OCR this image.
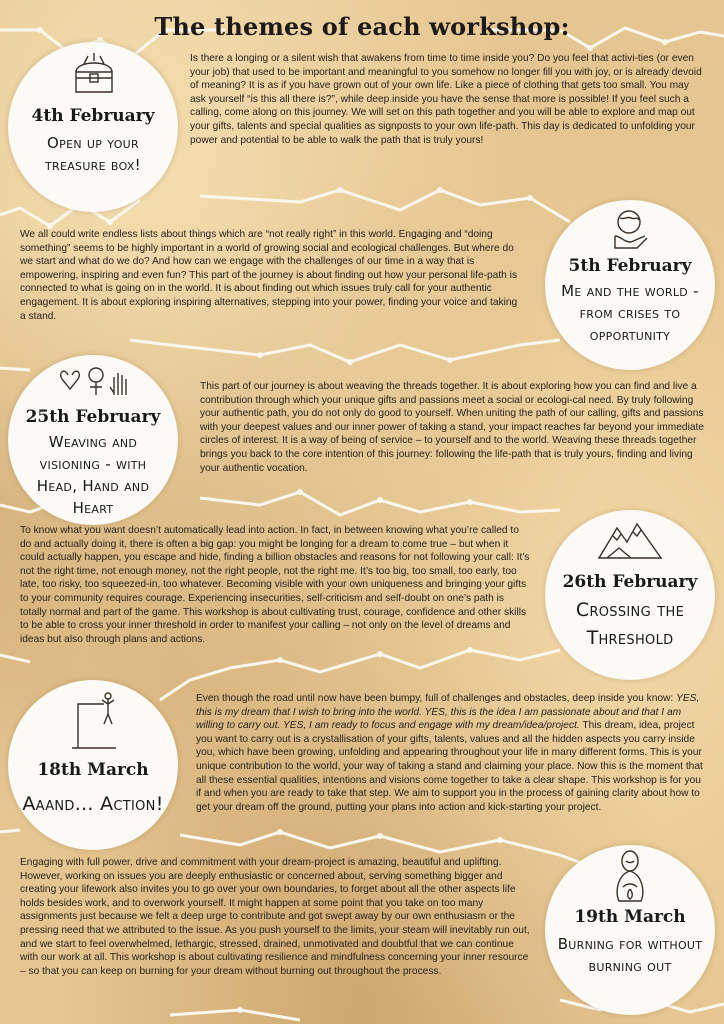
The themes of each workshop:
4th February
Open up your treasure box!
Is there a longing or a silent wish that awakens from time to time inside you? Do you feel that activi-ties (or even your job) that used to be important and meaningful to you somehow no longer fill you with joy, or is already devoid of meaning? It is as if you have grown out of your own life. Like a piece of clothing that gets too small. You may ask yourself “is this all there is?”, while deep inside you have the sense that more is possible! If you feel such a calling, come along on this journey. We will set on this path together and you will be able to explore and map out your gifts, talents and special qualities as signposts to your own life-path. This day is dedicated to unfolding your power and potential to be able to walk the path that is truly yours!
5th February
Me and the world - from crises to opportunity
We all could write endless lists about things which are “not really right” in this world. Engaging and “doing something” seems to be highly important in a world of growing social and ecological challenges. But where do we start and what do we do? And how can we engage with the challenges of our time in a way that is empowering, inspiring and even fun? This part of the journey is about finding out how your personal life-path is connected to what is going on in the world. It is about finding out which issues truly call for your authentic engagement. It is about exploring inspiring alternatives, stepping into your power, finding your voice and taking a stand.
25th February
Weaving and visioning - with Head, Hand and Heart
This part of our journey is about weaving the threads together. It is about exploring how you can find and live a contribution through which your unique gifts and passions meet a social or ecologi-cal need. By truly following your authentic path, you do not only do good to yourself. When uniting the path of our calling, gifts and passions with your deepest values and our inner power of taking a stand, your impact reaches far beyond your immediate circles of interest. It is a way of being of service – to yourself and to the world. Weaving these threads together brings you back to the core intention of this journey: following the life-path that is truly yours, finding and living your authentic vocation.
26th February
Crossing the Threshold
To know what you want doesn’t automatically lead into action. In fact, in between knowing what you’re called to do and actually doing it, there is often a big gap: you might be longing for a dream to come true – but when it could actually happen, you escape and hide, finding a billion obstacles and reasons for not following your call: It’s not the right time, not enough money, not the right people, not the right me. It’s too big, too small, too early, too late, too risky, too squeezed-in, too whatever. Becoming visible with your own uniqueness and bringing your gifts to your community requires courage. Experiencing insecurities, self-criticism and self-doubt on one’s path is totally normal and part of the game. This workshop is about cultivating trust, courage, confidence and other skills to be able to cross your inner threshold in order to manifest your calling – not only on the level of dreams and ideas but also through plans and actions.
18th March
Aaand... Action!
Even though the road until now have been bumpy, full of challenges and obstacles, deep inside you know: YES, this is my dream that I wish to bring into the world. YES, this is the idea I am passionate about and that I am willing to carry out. YES, I am ready to focus and engage with my dream/idea/project. This dream, idea, project you want to carry out is a crystallisation of your gifts, talents, values and all the hidden aspects you carry inside you, which have been growing, unfolding and appearing throughout your life in many different forms. This is your unique contribution to the world, your way of taking a stand and claiming your place. Now this is the moment that all these essential qualities, intentions and visions come together to take a clear shape. This workshop is for you if and when you are ready to take that step. We aim to support you in the process of gaining clarity about how to get your dream off the ground, putting your plans into action and kick-starting your project.
19th March
Burning for without burning out
Engaging with full power, drive and commitment with your dream-project is amazing, beautiful and uplifting. However, working on issues you are deeply enthusiastic or concerned about, serving something bigger and creating your lifework also invites you to go over your own boundaries, to forget about all the other aspects life holds besides work, and to overwork yourself. It might happen at some point that you take on too many assignments just because we felt a deep urge to contribute and got swept away by our own enthusiasm or the pressing need that we attributed to the issue. As you push yourself to the limits, your steam will inevitably run out, and we start to feel overwhelmed, lethargic, stressed, drained, unmotivated and doubtful that we can continue with our work at all. This workshop is about cultivating resilience and mindfulness concerning your inner resource – so that you can keep on burning for your dream without burning out throughout the process.
